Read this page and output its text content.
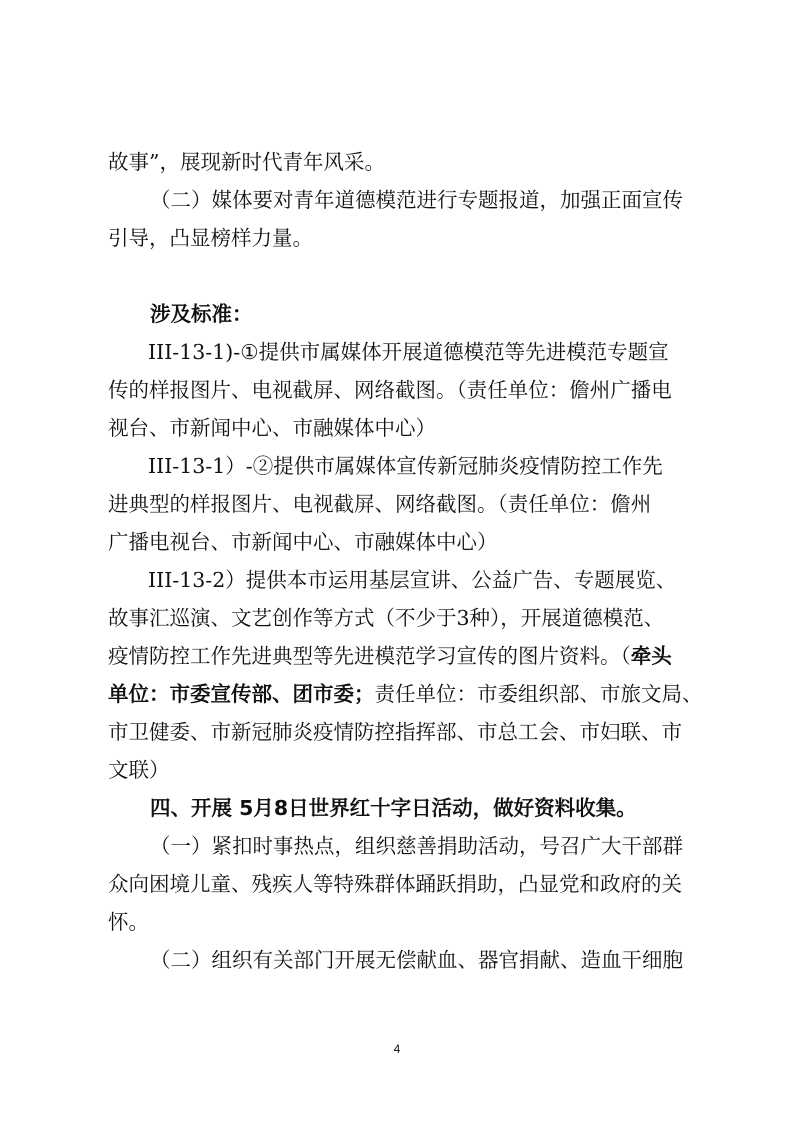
故事”，展现新时代青年风采。
（二）媒体要对青年道德模范进行专题报道，加强正面宣传
引导，凸显榜样力量。
涉及标准：
III-13-1)-①提供市属媒体开展道德模范等先进模范专题宣
传的样报图片、电视截屏、网络截图。（责任单位：儋州广播电
视台、市新闻中心、市融媒体中心）
III-13-1）-②提供市属媒体宣传新冠肺炎疫情防控工作先
进典型的样报图片、电视截屏、网络截图。（责任单位：儋州
广播电视台、市新闻中心、市融媒体中心）
III-13-2）提供本市运用基层宣讲、公益广告、专题展览、
故事汇巡演、文艺创作等方式（不少于3种），开展道德模范、
疫情防控工作先进典型等先进模范学习宣传的图片资料。（牵头
单位：市委宣传部、团市委；责任单位：市委组织部、市旅文局、
市卫健委、市新冠肺炎疫情防控指挥部、市总工会、市妇联、市
文联）
四、开展 5月8日世界红十字日活动，做好资料收集。
（一）紧扣时事热点，组织慈善捐助活动，号召广大干部群
众向困境儿童、残疾人等特殊群体踊跃捐助，凸显党和政府的关
怀。
（二）组织有关部门开展无偿献血、器官捐献、造血干细胞
4
